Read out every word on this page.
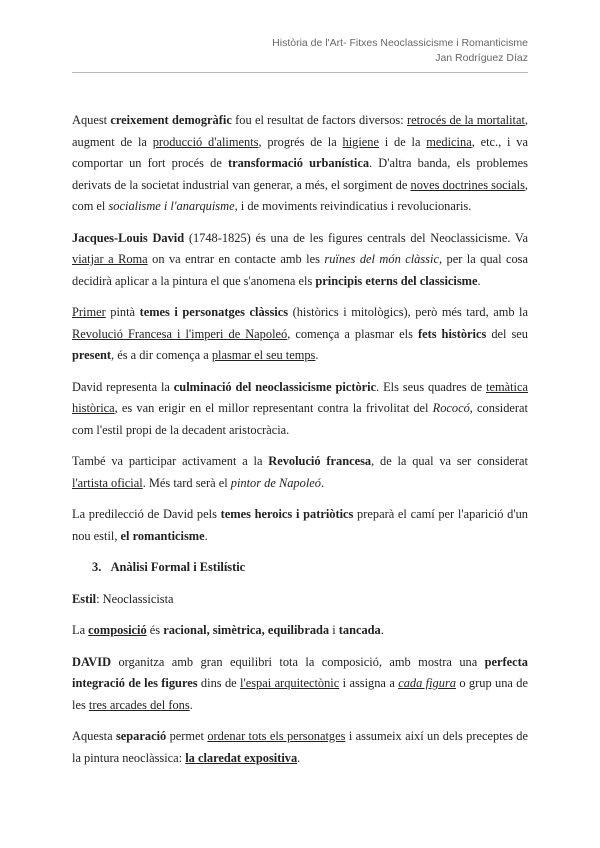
Història de l'Art- Fitxes Neoclassicisme i Romanticisme
Jan Rodríguez Díaz

Aquest creixement demogràfic fou el resultat de factors diversos: retrocés de la mortalitat, augment de la producció d'aliments, progrés de la higiene i de la medicina, etc., i va comportar un fort procés de transformació urbanística. D'altra banda, els problemes derivats de la societat industrial van generar, a més, el sorgiment de noves doctrines socials, com el socialisme i l'anarquisme, i de moviments reivindicatius i revolucionaris.

Jacques-Louis David (1748-1825) és una de les figures centrals del Neoclassicisme. Va viatjar a Roma on va entrar en contacte amb les ruïnes del món clàssic, per la qual cosa decidirà aplicar a la pintura el que s'anomena els principis eterns del classicisme.

Primer pintà temes i personatges clàssics (històrics i mitològics), però més tard, amb la Revolució Francesa i l'imperi de Napoleó, comença a plasmar els fets històrics del seu present, és a dir comença a plasmar el seu temps.

David representa la culminació del neoclassicisme pictòric. Els seus quadres de temàtica històrica, es van erigir en el millor representant contra la frivolitat del Rococó, considerat com l'estil propi de la decadent aristocràcia.

També va participar activament a la Revolució francesa, de la qual va ser considerat l'artista oficial. Més tard serà el pintor de Napoleó.

La predilecció de David pels temes heroics i patriòtics preparà el camí per l'aparició d'un nou estil, el romanticisme.

3. Anàlisi Formal i Estilístic

Estil: Neoclassicista

La composició és racional, simètrica, equilibrada i tancada.

DAVID organitza amb gran equilibri tota la composició, amb mostra una perfecta integració de les figures dins de l'espai arquitectònic i assigna a cada figura o grup una de les tres arcades del fons.

Aquesta separació permet ordenar tots els personatges i assumeix així un dels preceptes de la pintura neoclàssica: la claredat expositiva.
